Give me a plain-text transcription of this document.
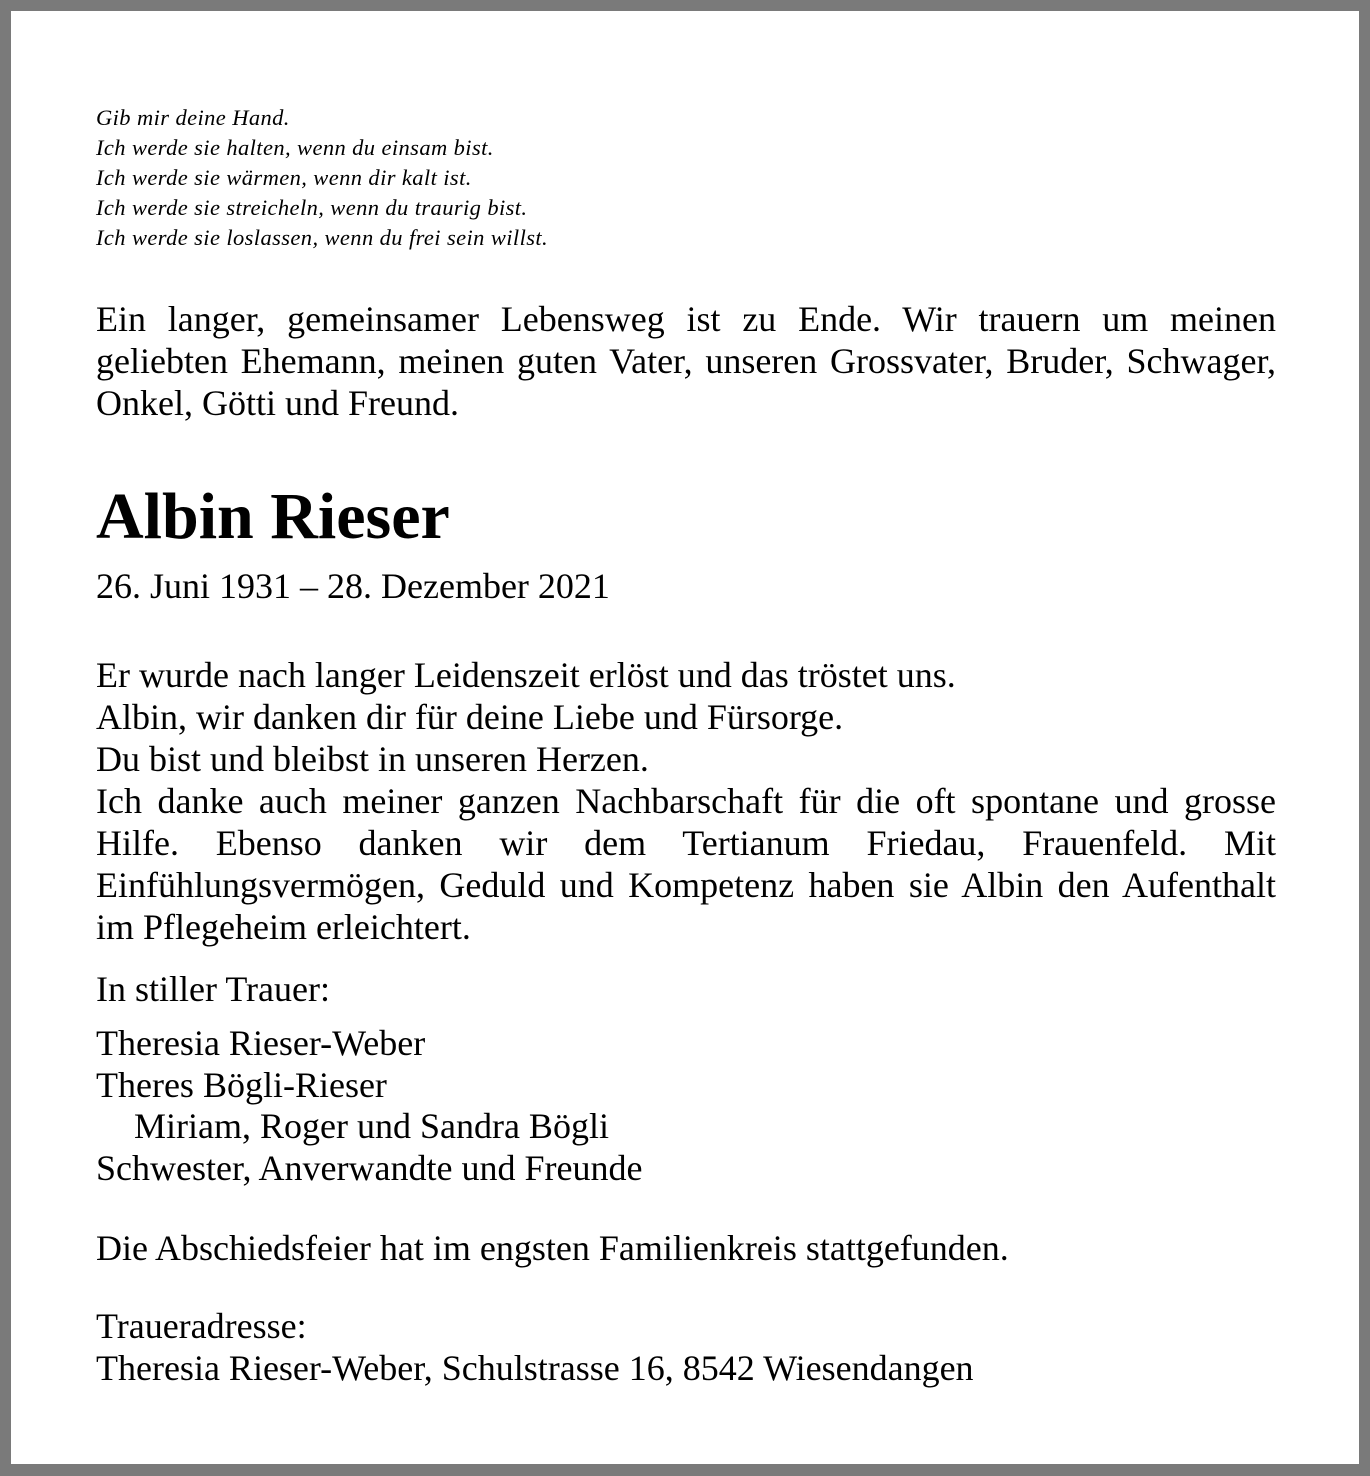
Gib mir deine Hand.
Ich werde sie halten, wenn du einsam bist.
Ich werde sie wärmen, wenn dir kalt ist.
Ich werde sie streicheln, wenn du traurig bist.
Ich werde sie loslassen, wenn du frei sein willst.
Ein langer, gemeinsamer Lebensweg ist zu Ende. Wir trauern um meinen geliebten Ehemann, meinen guten Vater, unseren Grossvater, Bruder, Schwager, Onkel, Götti und Freund.
Albin Rieser
26. Juni 1931 – 28. Dezember 2021
Er wurde nach langer Leidenszeit erlöst und das tröstet uns.
Albin, wir danken dir für deine Liebe und Fürsorge.
Du bist und bleibst in unseren Herzen.
Ich danke auch meiner ganzen Nachbarschaft für die oft spontane und grosse Hilfe. Ebenso danken wir dem Tertianum Friedau, Frauenfeld. Mit Einfühlungsvermögen, Geduld und Kompetenz haben sie Albin den Aufenthalt im Pflegeheim erleichtert.
In stiller Trauer:
Theresia Rieser-Weber
Theres Bögli-Rieser
Miriam, Roger und Sandra Bögli
Schwester, Anverwandte und Freunde
Die Abschiedsfeier hat im engsten Familienkreis stattgefunden.
Traueradresse:
Theresia Rieser-Weber, Schulstrasse 16, 8542 Wiesendangen
